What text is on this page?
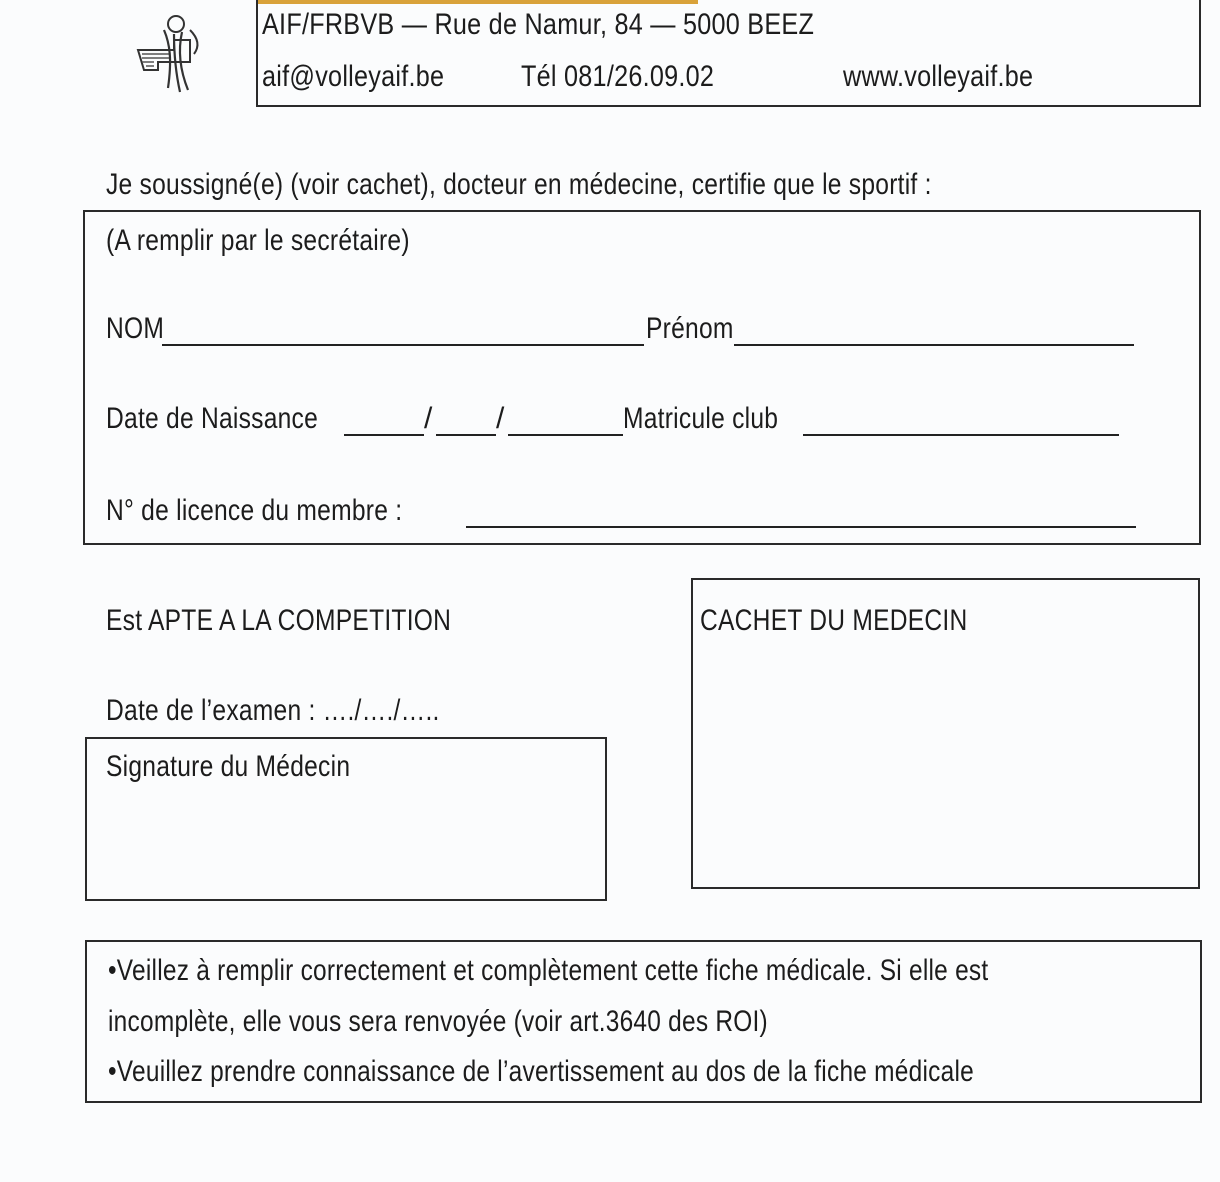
AIF/FRBVB — Rue de Namur, 84 — 5000 BEEZ
aif@volleyaif.be	Tél 081/26.09.02	www.volleyaif.be
Je soussigné(e) (voir cachet), docteur en médecine, certifie que le sportif :
(A remplir par le secrétaire)
NOM	Prénom
Date de Naissance	/ /	Matricule club
N° de licence du membre :
Est APTE A LA COMPETITION
Date de l’examen : …./…./…..
Signature du Médecin
CACHET DU MEDECIN
•Veillez à remplir correctement et complètement cette fiche médicale. Si elle est
incomplète, elle vous sera renvoyée (voir art.3640 des ROI)
•Veuillez prendre connaissance de l’avertissement au dos de la fiche médicale
